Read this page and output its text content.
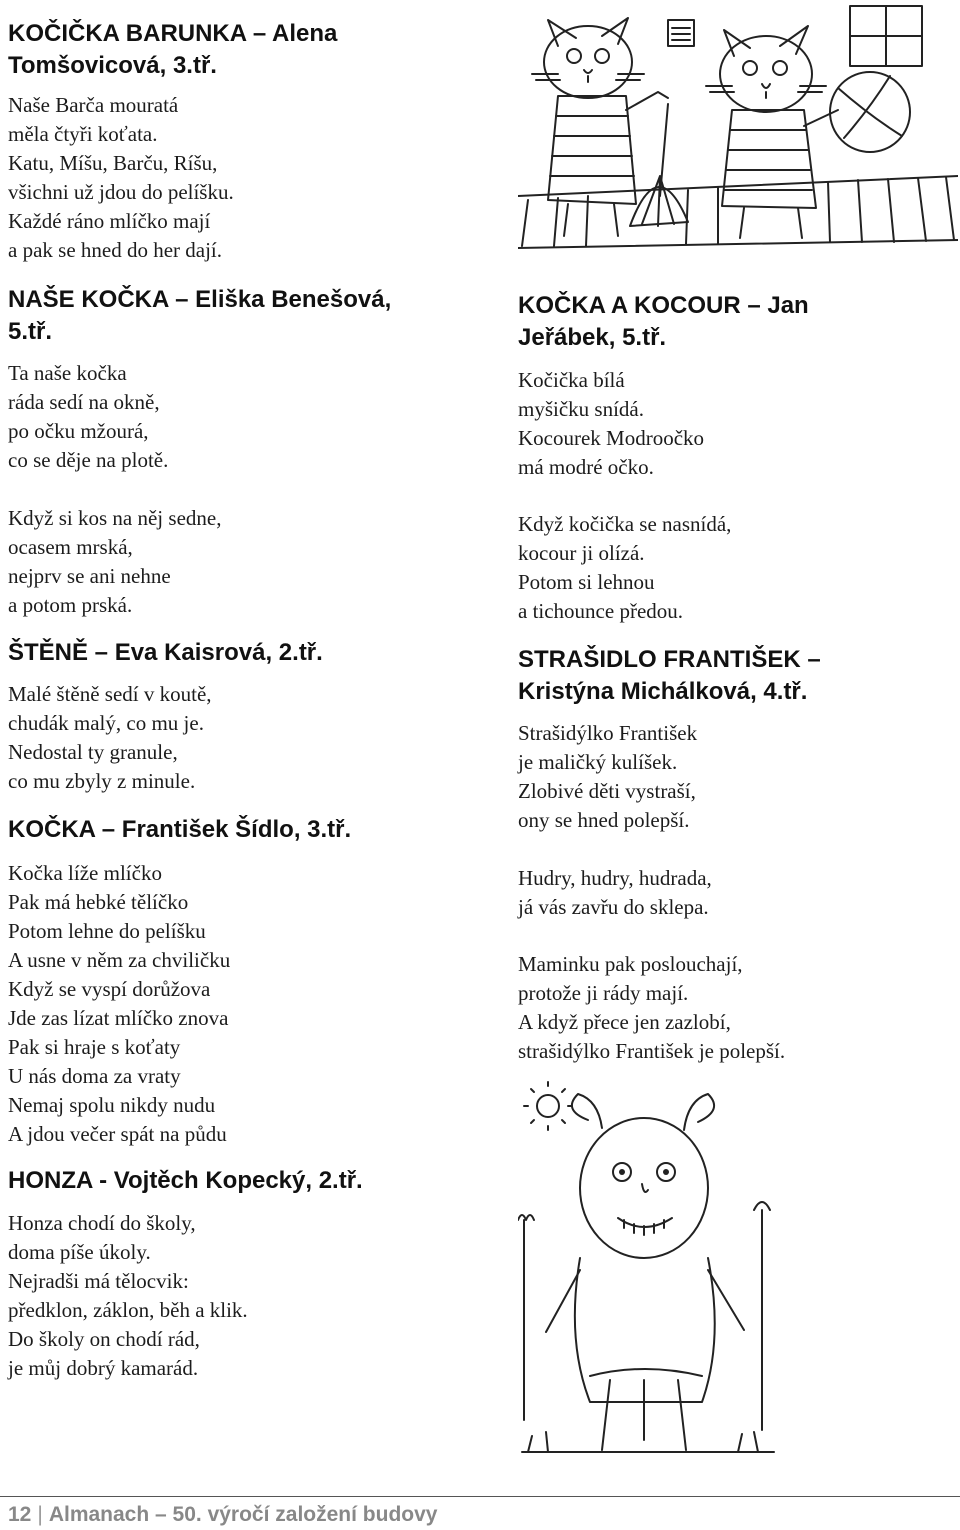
KOČIČKA BARUNKA – Alena
Tomšovicová, 3.tř.
Naše Barča mouratá
měla čtyři koťata.
Katu, Míšu, Barču, Ríšu,
všichni už jdou do pelíšku.
Každé ráno mlíčko mají
a pak se hned do her dají.
NAŠE KOČKA – Eliška Benešová,
5.tř.
Ta naše kočka
ráda sedí na okně,
po očku mžourá,
co se děje na plotě.
Když si kos na něj sedne,
ocasem mrská,
nejprv se ani nehne
a potom prská.
ŠTĚNĚ – Eva Kaisrová, 2.tř.
Malé štěně sedí v koutě,
chudák malý, co mu je.
Nedostal ty granule,
co mu zbyly z minule.
KOČKA – František Šídlo, 3.tř.
Kočka líže mlíčko
Pak má hebké tělíčko
Potom lehne do pelíšku
A usne v něm za chviličku
Když se vyspí dorůžova
Jde zas lízat mlíčko znova
Pak si hraje s koťaty
U nás doma za vraty
Nemaj spolu nikdy nudu
A jdou večer spát na půdu
HONZA - Vojtěch Kopecký, 2.tř.
Honza chodí do školy,
doma píše úkoly.
Nejradši má tělocvik:
předklon, záklon, běh a klik.
Do školy on chodí rád,
je můj dobrý kamarád.
KOČKA A KOCOUR – Jan
Jeřábek, 5.tř.
Kočička bílá
myšičku snídá.
Kocourek Modroočko
má modré očko.
Když kočička se nasnídá,
kocour ji olízá.
Potom si lehnou
a tichounce předou.
STRAŠIDLO FRANTIŠEK –
Kristýna Michálková, 4.tř.
Strašidýlko František
je maličký kulíšek.
Zlobivé děti vystraší,
ony se hned polepší.
Hudry, hudry, hudrada,
já vás zavřu do sklepa.
Maminku pak poslouchají,
protože ji rády mají.
A když přece jen zazlobí,
strašidýlko František je polepší.
12 | Almanach – 50. výročí založení budovy
